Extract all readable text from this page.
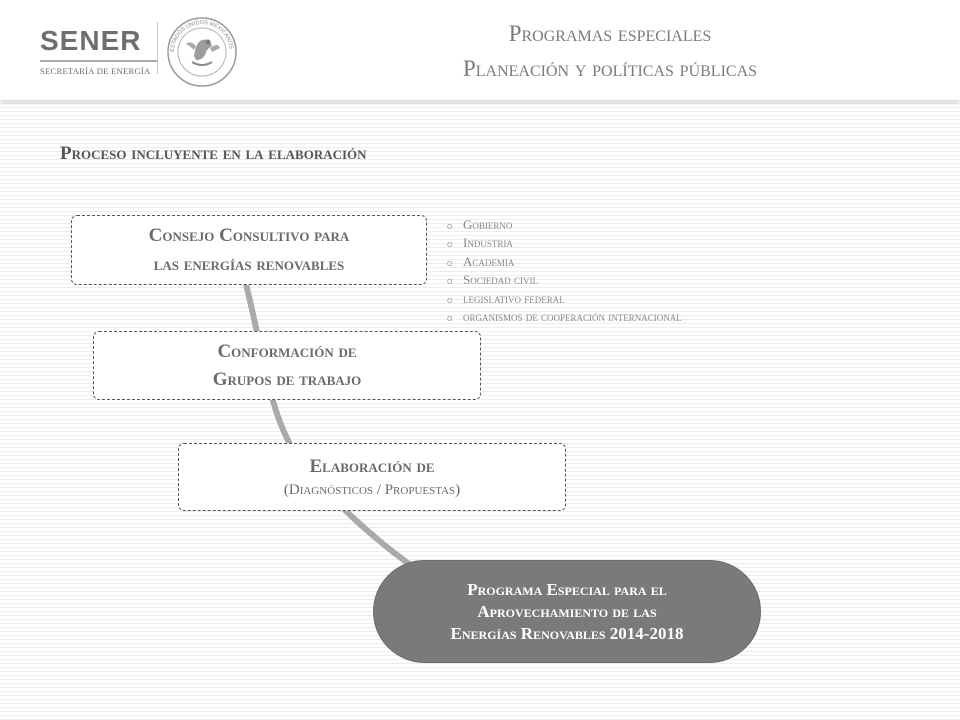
SENER
SECRETARÍA DE ENERGÍA
ESTADOS UNIDOS MEXICANOS
Programas especiales
Planeación y políticas públicas
Proceso incluyente en la elaboración
Consejo Consultivo para
las energías renovables
Conformación de
Grupos de trabajo
Elaboración de
(Diagnósticos / Propuestas)
Programa Especial para el
Aprovechamiento de las
Energías Renovables 2014-2018
o Gobierno
o Industria
o Academia
o Sociedad civil
o legislativo federal
o organismos de cooperación internacional
